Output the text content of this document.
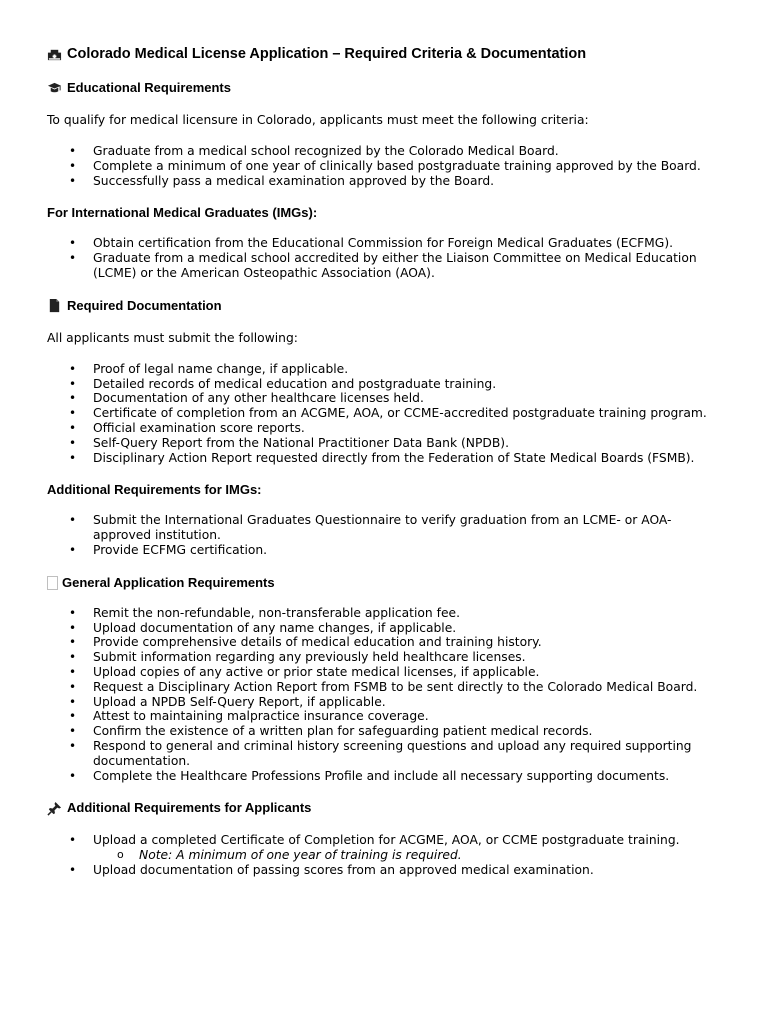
Colorado Medical License Application – Required Criteria & Documentation
Educational Requirements

To qualify for medical licensure in Colorado, applicants must meet the following criteria:

• Graduate from a medical school recognized by the Colorado Medical Board.
• Complete a minimum of one year of clinically based postgraduate training approved by the Board.
• Successfully pass a medical examination approved by the Board.
For International Medical Graduates (IMGs):
• Obtain certification from the Educational Commission for Foreign Medical Graduates (ECFMG).
• Graduate from a medical school accredited by either the Liaison Committee on Medical Education (LCME) or the American Osteopathic Association (AOA).
Required Documentation

All applicants must submit the following:

• Proof of legal name change, if applicable.
• Detailed records of medical education and postgraduate training.
• Documentation of any other healthcare licenses held.
• Certificate of completion from an ACGME, AOA, or CCME-accredited postgraduate training program.
• Official examination score reports.
• Self-Query Report from the National Practitioner Data Bank (NPDB).
• Disciplinary Action Report requested directly from the Federation of State Medical Boards (FSMB).
Additional Requirements for IMGs:
• Submit the International Graduates Questionnaire to verify graduation from an LCME- or AOA-approved institution.
• Provide ECFMG certification.
General Application Requirements
• Remit the non-refundable, non-transferable application fee.
• Upload documentation of any name changes, if applicable.
• Provide comprehensive details of medical education and training history.
• Submit information regarding any previously held healthcare licenses.
• Upload copies of any active or prior state medical licenses, if applicable.
• Request a Disciplinary Action Report from FSMB to be sent directly to the Colorado Medical Board.
• Upload a NPDB Self-Query Report, if applicable.
• Attest to maintaining malpractice insurance coverage.
• Confirm the existence of a written plan for safeguarding patient medical records.
• Respond to general and criminal history screening questions and upload any required supporting documentation.
• Complete the Healthcare Professions Profile and include all necessary supporting documents.
Additional Requirements for Applicants
• Upload a completed Certificate of Completion for ACGME, AOA, or CCME postgraduate training.
o Note: A minimum of one year of training is required.
• Upload documentation of passing scores from an approved medical examination.
